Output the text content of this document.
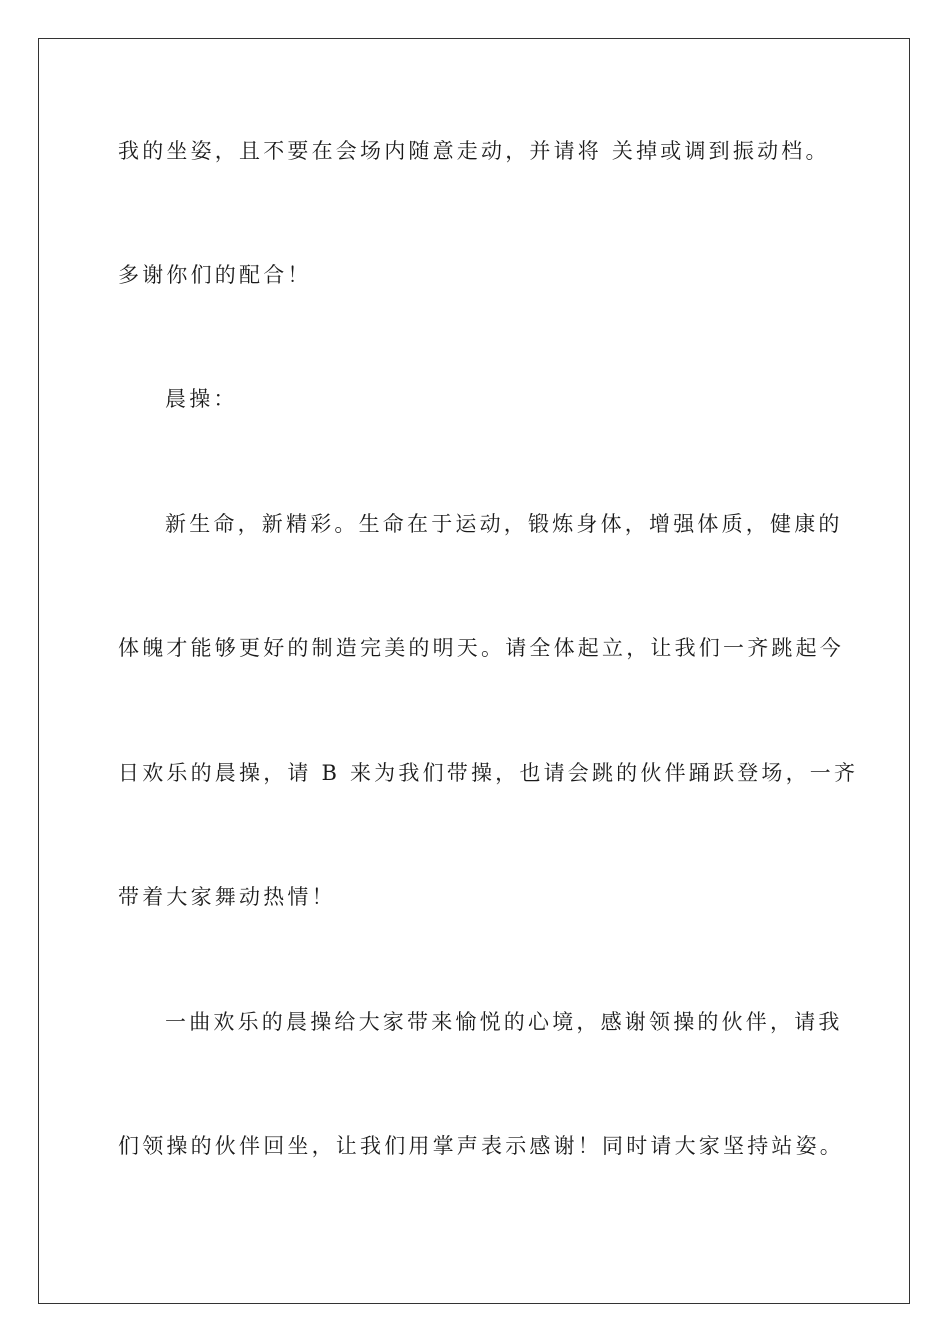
我的坐姿，且不要在会场内随意走动，并请将 关掉或调到振动档。

多谢你们的配合！

晨操：

新生命，新精彩。生命在于运动，锻炼身体，增强体质，健康的

体魄才能够更好的制造完美的明天。请全体起立，让我们一齐跳起今

日欢乐的晨操，请 B 来为我们带操，也请会跳的伙伴踊跃登场，一齐

带着大家舞动热情！

一曲欢乐的晨操给大家带来愉悦的心境，感谢领操的伙伴，请我

们领操的伙伴回坐，让我们用掌声表示感谢！同时请大家坚持站姿。
